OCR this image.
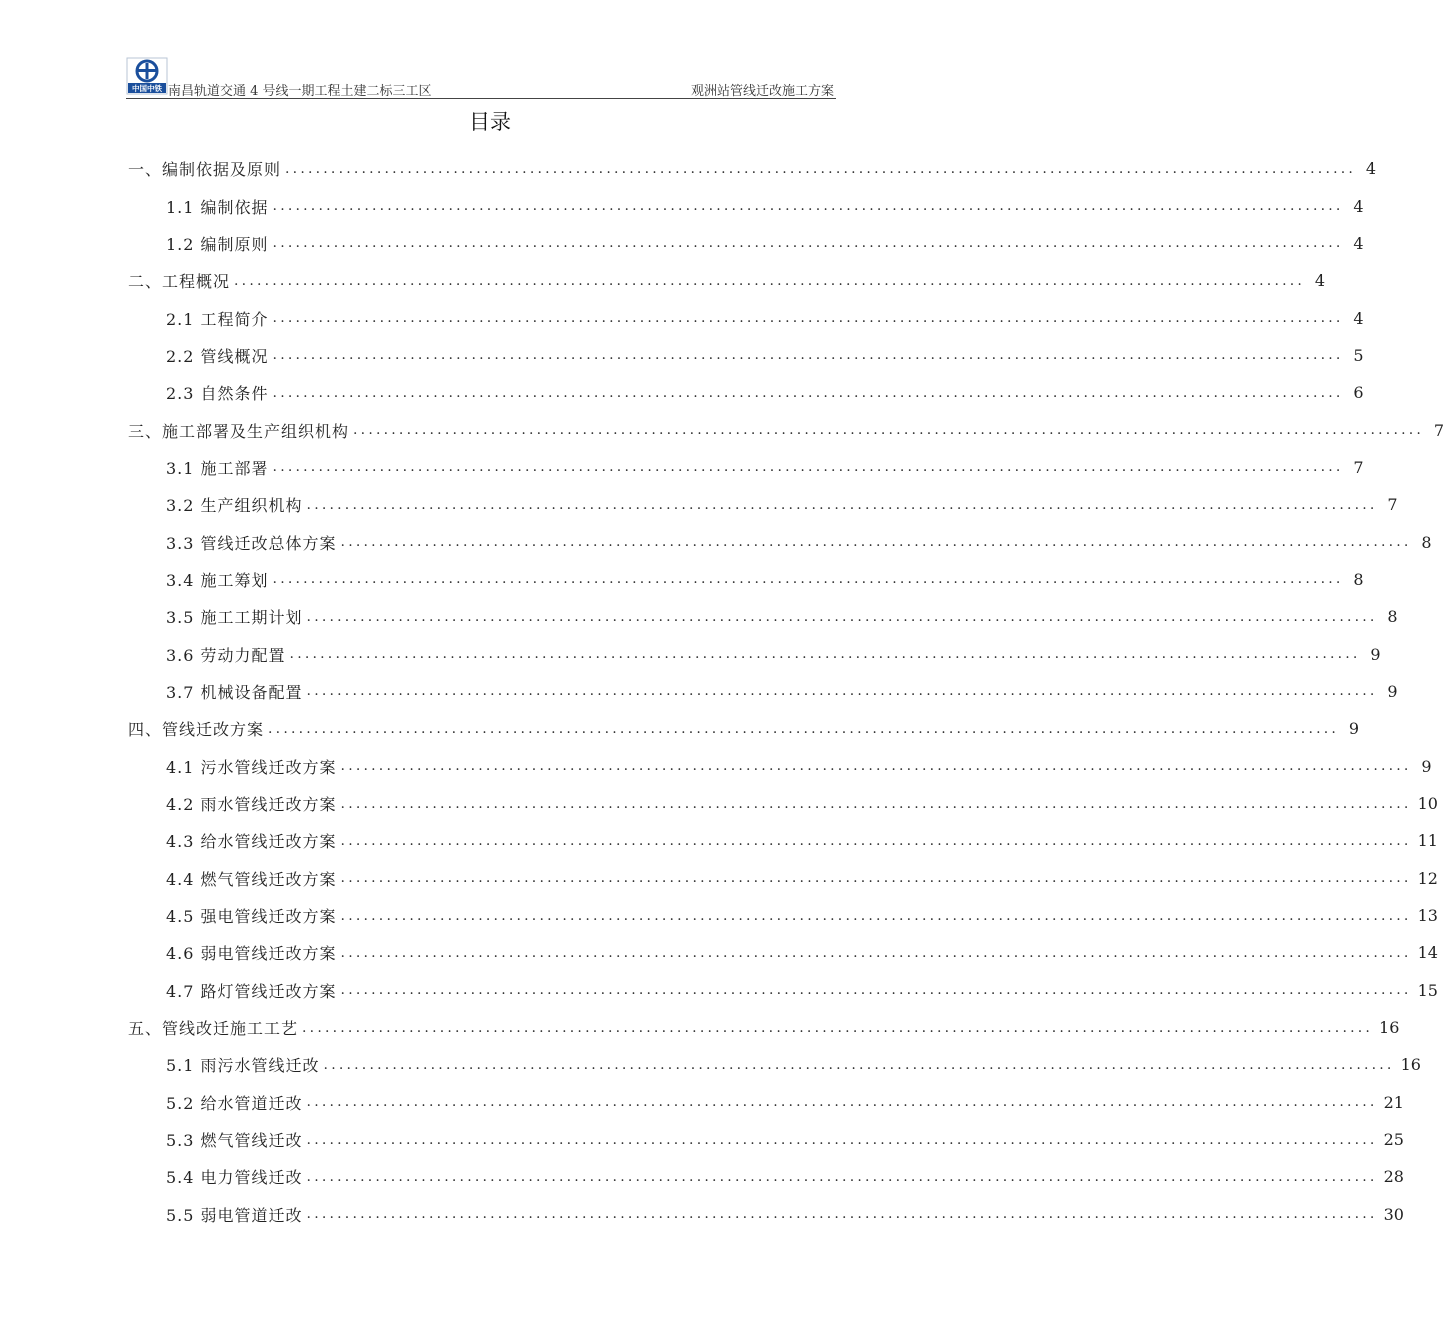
中国中铁 南昌轨道交通 4 号线一期工程土建二标三工区	观洲站管线迁改施工方案
目录
一、编制依据及原则 ............................................................................................................................................ 4
1.1 编制依据 ............................................................................................................................................ 4
1.2 编制原则 ............................................................................................................................................ 4
二、工程概况 ............................................................................................................................................ 4
2.1 工程简介 ............................................................................................................................................ 4
2.2 管线概况 ............................................................................................................................................ 5
2.3 自然条件 ............................................................................................................................................ 6
三、施工部署及生产组织机构 ............................................................................................................................................ 7
3.1 施工部署 ............................................................................................................................................ 7
3.2 生产组织机构 ............................................................................................................................................ 7
3.3 管线迁改总体方案 ............................................................................................................................................ 8
3.4 施工筹划 ............................................................................................................................................ 8
3.5 施工工期计划 ............................................................................................................................................ 8
3.6 劳动力配置 ............................................................................................................................................ 9
3.7 机械设备配置 ............................................................................................................................................ 9
四、管线迁改方案 ............................................................................................................................................ 9
4.1 污水管线迁改方案 ............................................................................................................................................ 9
4.2 雨水管线迁改方案 ............................................................................................................................................ 10
4.3 给水管线迁改方案 ............................................................................................................................................ 11
4.4 燃气管线迁改方案 ............................................................................................................................................ 12
4.5 强电管线迁改方案 ............................................................................................................................................ 13
4.6 弱电管线迁改方案 ............................................................................................................................................ 14
4.7 路灯管线迁改方案 ............................................................................................................................................ 15
五、管线改迁施工工艺 ............................................................................................................................................ 16
5.1 雨污水管线迁改 ............................................................................................................................................ 16
5.2 给水管道迁改 ............................................................................................................................................ 21
5.3 燃气管线迁改 ............................................................................................................................................ 25
5.4 电力管线迁改 ............................................................................................................................................ 28
5.5 弱电管道迁改 ............................................................................................................................................ 30
